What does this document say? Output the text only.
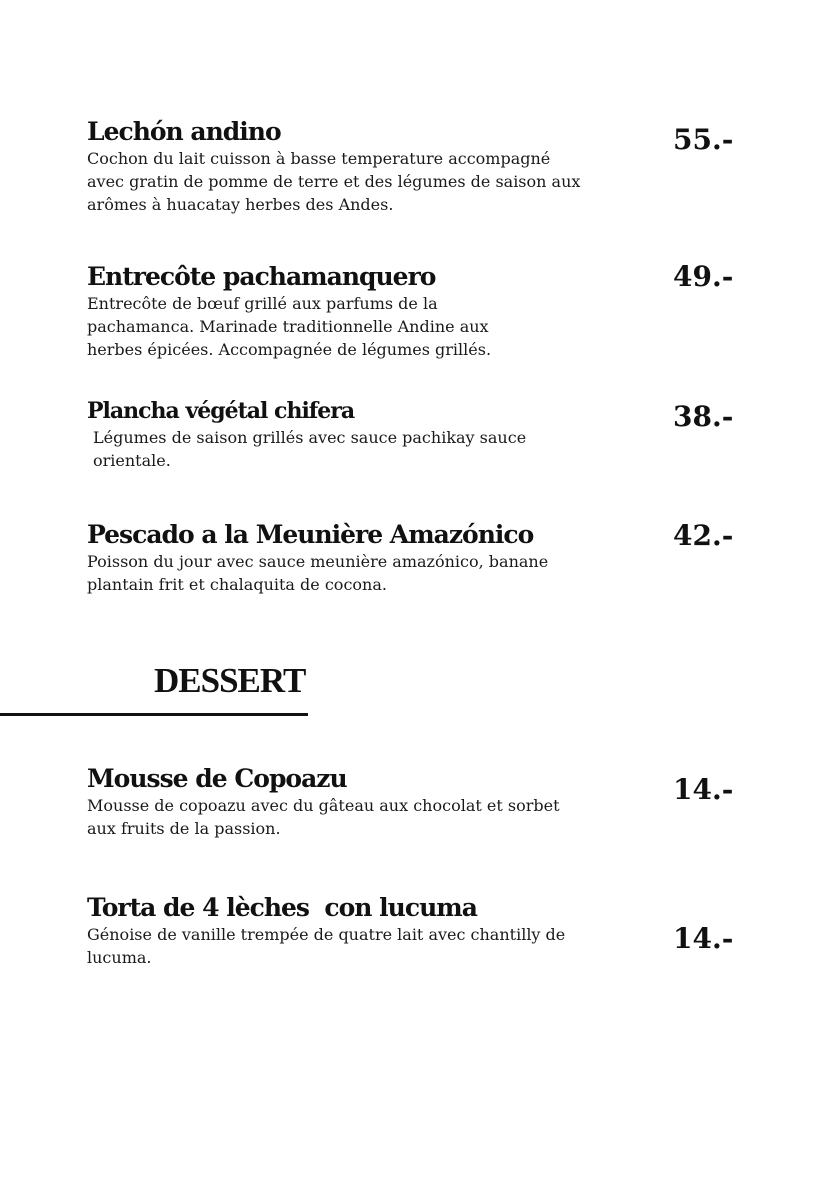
Lechón andino

Cochon du lait cuisson à basse temperature accompagné avec gratin de pomme de terre et des légumes de saison aux arômes à huacatay herbes des Andes.

55.-
Entrecôte pachamanquero

Entrecôte de bœuf grillé aux parfums de la pachamanca. Marinade traditionnelle Andine aux herbes épicées. Accompagnée de légumes grillés.

49.-
Plancha végétal chifera

Légumes de saison grillés avec sauce pachikay sauce orientale.

38.-
Pescado a la Meunière Amazónico

Poisson du jour avec sauce meunière amazónico, banane plantain frit et chalaquita de cocona.

42.-
DESSERT
Mousse de Copoazu

Mousse de copoazu avec du gâteau aux chocolat et sorbet aux fruits de la passion.

14.-
Torta de 4 lèches  con lucuma

Génoise de vanille trempée de quatre lait avec chantilly de lucuma.

14.-
